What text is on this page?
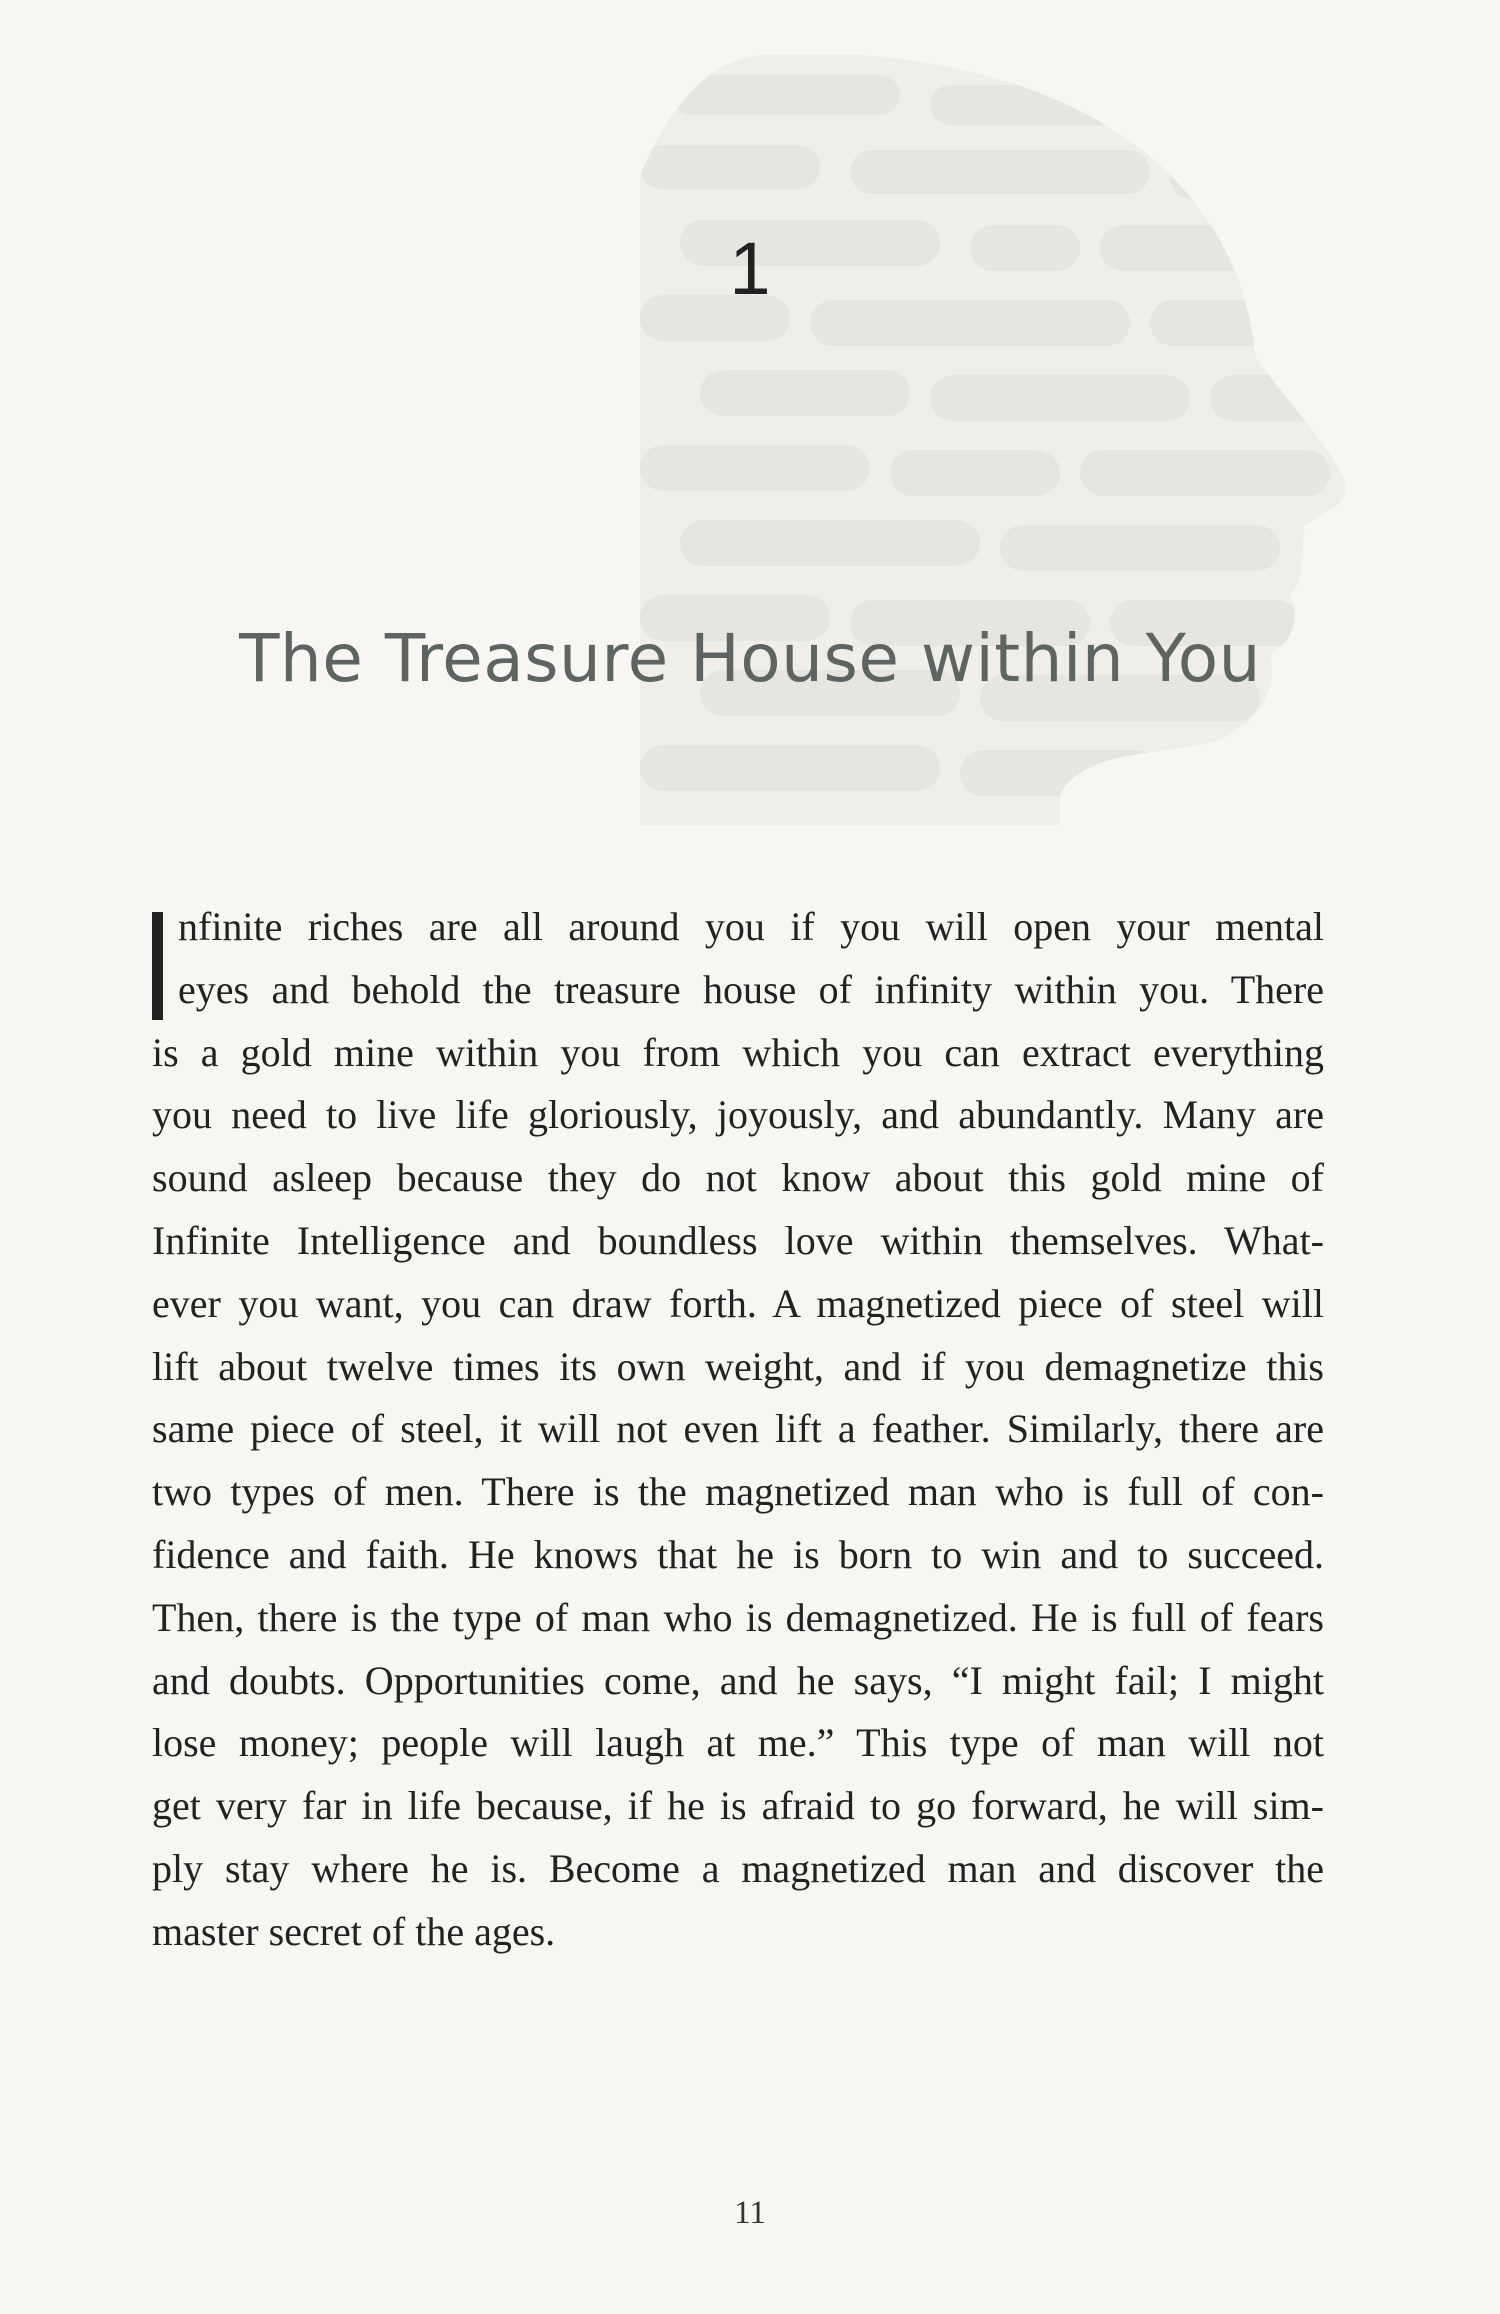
1
The Treasure House within You

nfinite riches are all around you if you will open your mental
eyes and behold the treasure house of infinity within you. There
is a gold mine within you from which you can extract everything
you need to live life gloriously, joyously, and abundantly. Many are
sound asleep because they do not know about this gold mine of
Infinite Intelligence and boundless love within themselves. What-
ever you want, you can draw forth. A magnetized piece of steel will
lift about twelve times its own weight, and if you demagnetize this
same piece of steel, it will not even lift a feather. Similarly, there are
two types of men. There is the magnetized man who is full of con-
fidence and faith. He knows that he is born to win and to succeed.
Then, there is the type of man who is demagnetized. He is full of fears
and doubts. Opportunities come, and he says, “I might fail; I might
lose money; people will laugh at me.” This type of man will not
get very far in life because, if he is afraid to go forward, he will sim-
ply stay where he is. Become a magnetized man and discover the
master secret of the ages.

11
